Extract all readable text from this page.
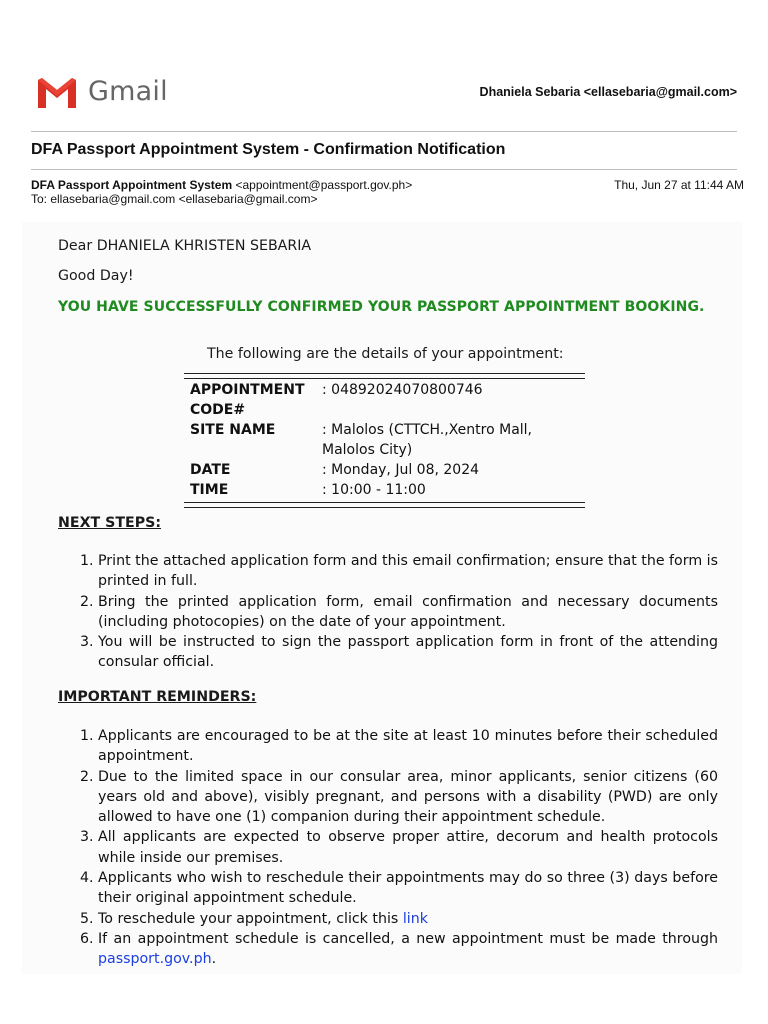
Gmail	Dhaniela Sebaria <ellasebaria@gmail.com>
DFA Passport Appointment System - Confirmation Notification
DFA Passport Appointment System <appointment@passport.gov.ph>
To: ellasebaria@gmail.com <ellasebaria@gmail.com>
Thu, Jun 27 at 11:44 AM
Dear DHANIELA KHRISTEN SEBARIA
Good Day!
YOU HAVE SUCCESSFULLY CONFIRMED YOUR PASSPORT APPOINTMENT BOOKING.
The following are the details of your appointment:
APPOINTMENT CODE#	: 04892024070800746
SITE NAME	: Malolos (CTTCH.,Xentro Mall, Malolos City)
DATE	: Monday, Jul 08, 2024
TIME	: 10:00 - 11:00
NEXT STEPS:
1. Print the attached application form and this email confirmation; ensure that the form is printed in full.
2. Bring the printed application form, email confirmation and necessary documents (including photocopies) on the date of your appointment.
3. You will be instructed to sign the passport application form in front of the attending consular official.
IMPORTANT REMINDERS:
1. Applicants are encouraged to be at the site at least 10 minutes before their scheduled appointment.
2. Due to the limited space in our consular area, minor applicants, senior citizens (60 years old and above), visibly pregnant, and persons with a disability (PWD) are only allowed to have one (1) companion during their appointment schedule.
3. All applicants are expected to observe proper attire, decorum and health protocols while inside our premises.
4. Applicants who wish to reschedule their appointments may do so three (3) days before their original appointment schedule.
5. To reschedule your appointment, click this link
6. If an appointment schedule is cancelled, a new appointment must be made through passport.gov.ph.
